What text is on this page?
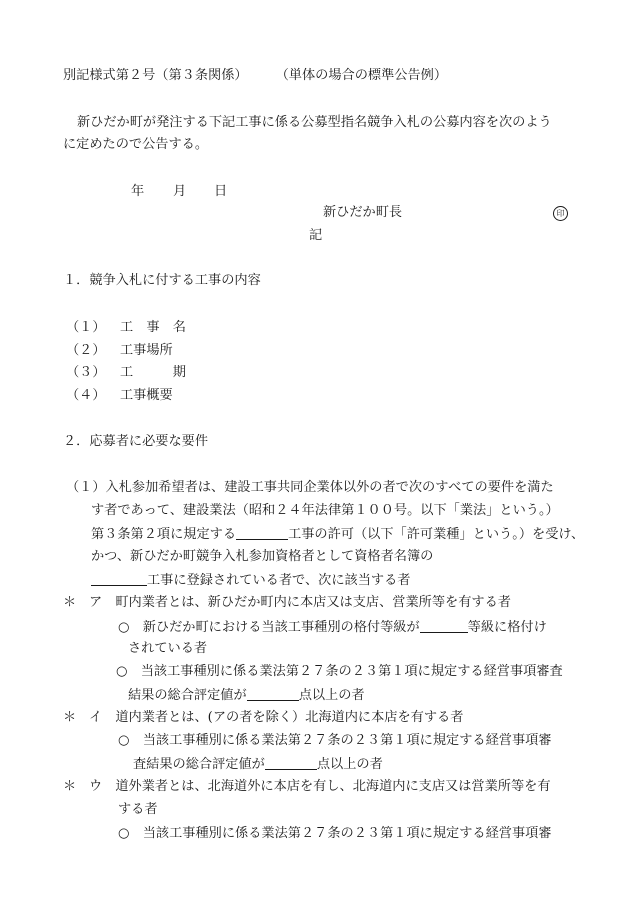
別記様式第２号（第３条関係） （単体の場合の標準公告例）
新ひだか町が発注する下記工事に係る公募型指名競争入札の公募内容を次のよう
に定めたので公告する。
年 月 日
新ひだか町長	印
記
１．競争入札に付する工事の内容
（１） 工　事　名
（２） 工事場所
（３） 工　　　期
（４） 工事概要
２．応募者に必要な要件
（１）入札参加希望者は、建設工事共同企業体以外の者で次のすべての要件を満た
す者であって、建設業法（昭和２４年法律第１００号。以下「業法」という。）
第３条第２項に規定する	工事の許可（以下「許可業種」という。）を受け、
かつ、新ひだか町競争入札参加資格者として資格者名簿の
工事に登録されている者で、次に該当する者
＊ ア　町内業者とは、新ひだか町内に本店又は支店、営業所等を有する者
○　新ひだか町における当該工事種別の格付等級が	等級に格付け
されている者
○　当該工事種別に係る業法第２７条の２３第１項に規定する経営事項審査
結果の総合評定値が	点以上の者
＊ イ　道内業者とは、(アの者を除く）北海道内に本店を有する者
○　当該工事種別に係る業法第２７条の２３第１項に規定する経営事項審
査結果の総合評定値が	点以上の者
＊ ウ　道外業者とは、北海道外に本店を有し、北海道内に支店又は営業所等を有
する者
○　当該工事種別に係る業法第２７条の２３第１項に規定する経営事項審
